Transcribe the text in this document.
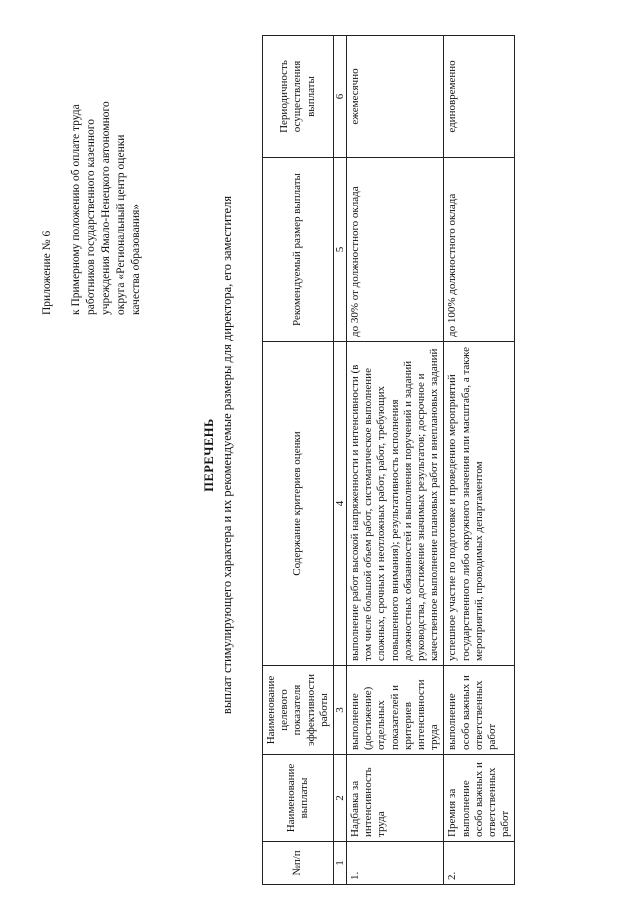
Приложение № 6 к Примерному положению об оплате труда работников государственного казенного учреждения Ямало-Ненецкого автономного округа «Региональный центр оценки качества образования»
ПЕРЕЧЕНЬ выплат стимулирующего характера и их рекомендуемые размеры для директора, его заместителя
№п/п	Наименование выплаты	Наименование целевого показателя эффективности работы	Содержание критериев оценки	Рекомендуемый размер выплаты	Периодичность осуществления выплаты
1	2	3	4	5	6
1.	Надбавка за интенсивность труда	выполнение (достижение) отдельных показателей и критериев интенсивности труда	выполнение работ высокой напряженности и интенсивности (в том числе большой объем работ, систематическое выполнение сложных, срочных и неотложных работ, работ, требующих повышенного внимания); результативность исполнения должностных обязанностей и выполнения поручений и заданий руководства, достижение значимых результатов; досрочное и качественное выполнение плановых работ и внеплановых заданий	до 30% от должностного оклада	ежемесячно
2.	Премия за выполнение особо важных и ответственных работ	выполнение особо важных и ответственных работ	успешное участие по подготовке и проведению мероприятий государственного либо окружного значения или масштаба, а также мероприятий, проводимых департаментом	до 100% должностного оклада	единовременно
